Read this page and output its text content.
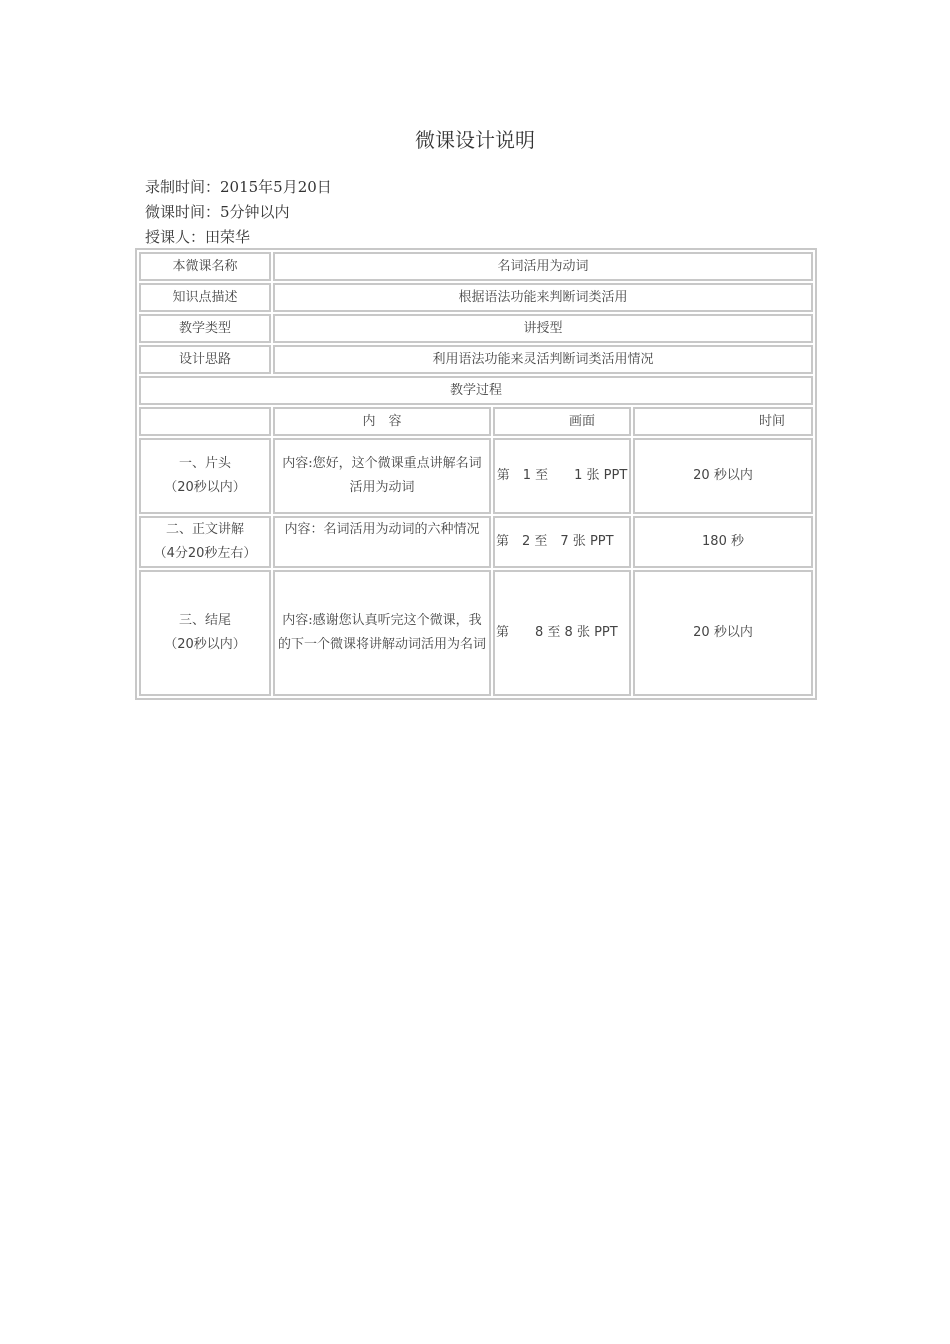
微课设计说明
录制时间：2015年5月20日
微课时间：5分钟以内
授课人：田荣华
本微课名称	名词活用为动词		
知识点描述	根据语法功能来判断词类活用		
教学类型	讲授型		
设计思路	利用语法功能来灵活判断词类活用情况		
教学过程			
	内　容	画面	时间

一、片头
（20秒以内）	内容:您好，这个微课重点讲解名词活用为动词	第　1 至　　1 张 PPT	20 秒以内

二、正文讲解
（4分20秒左右）	内容：名词活用为动词的六种情况	第　2 至　7 张 PPT	180 秒

三、结尾
（20秒以内）	内容:感谢您认真听完这个微课，我的下一个微课将讲解动词活用为名词	第　　8 至 8 张 PPT	20 秒以内
